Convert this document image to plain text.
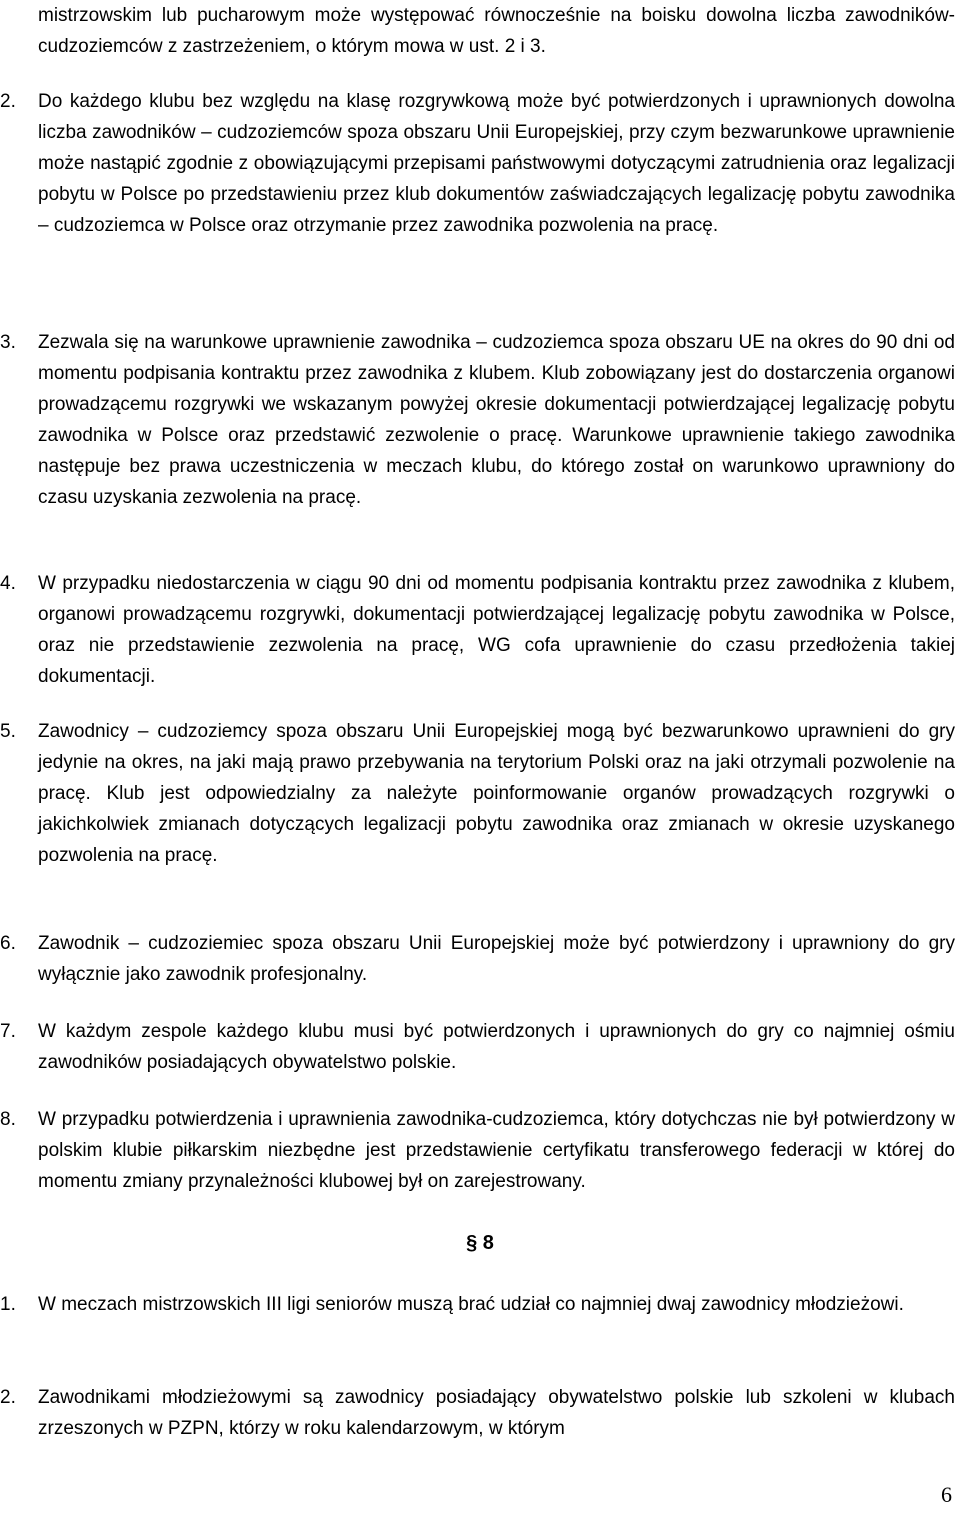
mistrzowskim lub pucharowym może występować równocześnie na boisku dowolna liczba zawodników-cudzoziemców z zastrzeżeniem, o którym mowa w ust. 2 i 3.

2.	Do każdego klubu bez względu na klasę rozgrywkową może być potwierdzonych i uprawnionych dowolna liczba zawodników – cudzoziemców spoza obszaru Unii Europejskiej, przy czym bezwarunkowe uprawnienie może nastąpić zgodnie z obowiązującymi przepisami państwowymi dotyczącymi zatrudnienia oraz legalizacji pobytu w Polsce po przedstawieniu przez klub dokumentów zaświadczających legalizację pobytu zawodnika – cudzoziemca w Polsce oraz otrzymanie przez zawodnika pozwolenia na pracę.
3.	Zezwala się na warunkowe uprawnienie zawodnika – cudzoziemca spoza obszaru UE na okres do 90 dni od momentu podpisania kontraktu przez zawodnika z klubem. Klub zobowiązany jest do dostarczenia organowi prowadzącemu rozgrywki we wskazanym powyżej okresie dokumentacji potwierdzającej legalizację pobytu zawodnika w Polsce oraz przedstawić zezwolenie o pracę. Warunkowe uprawnienie takiego zawodnika następuje bez prawa uczestniczenia w meczach klubu, do którego został on warunkowo uprawniony do czasu uzyskania zezwolenia na pracę.
4.	W przypadku niedostarczenia w ciągu 90 dni od momentu podpisania kontraktu przez zawodnika z klubem, organowi prowadzącemu rozgrywki, dokumentacji potwierdzającej legalizację pobytu zawodnika w Polsce, oraz nie przedstawienie zezwolenia na pracę, WG cofa uprawnienie do czasu przedłożenia takiej dokumentacji.
5.	Zawodnicy – cudzoziemcy spoza obszaru Unii Europejskiej mogą być bezwarunkowo uprawnieni do gry jedynie na okres, na jaki mają prawo przebywania na terytorium Polski oraz na jaki otrzymali pozwolenie na pracę. Klub jest odpowiedzialny za należyte poinformowanie organów prowadzących rozgrywki o jakichkolwiek zmianach dotyczących legalizacji pobytu zawodnika oraz zmianach w okresie uzyskanego pozwolenia na pracę.
6.	Zawodnik – cudzoziemiec spoza obszaru Unii Europejskiej może być potwierdzony i uprawniony do gry wyłącznie jako zawodnik profesjonalny.
7.	W każdym zespole każdego klubu musi być potwierdzonych i uprawnionych do gry co najmniej ośmiu zawodników posiadających obywatelstwo polskie.
8.	W przypadku potwierdzenia i uprawnienia zawodnika-cudzoziemca, który dotychczas nie był potwierdzony w polskim klubie piłkarskim niezbędne jest przedstawienie certyfikatu transferowego federacji w której do momentu zmiany przynależności klubowej był on zarejestrowany.
§ 8
1.	W meczach mistrzowskich III ligi seniorów muszą brać udział co najmniej dwaj zawodnicy młodzieżowi.
2.	Zawodnikami młodzieżowymi są zawodnicy posiadający obywatelstwo polskie lub szkoleni w klubach zrzeszonych w PZPN, którzy w roku kalendarzowym, w którym
6
